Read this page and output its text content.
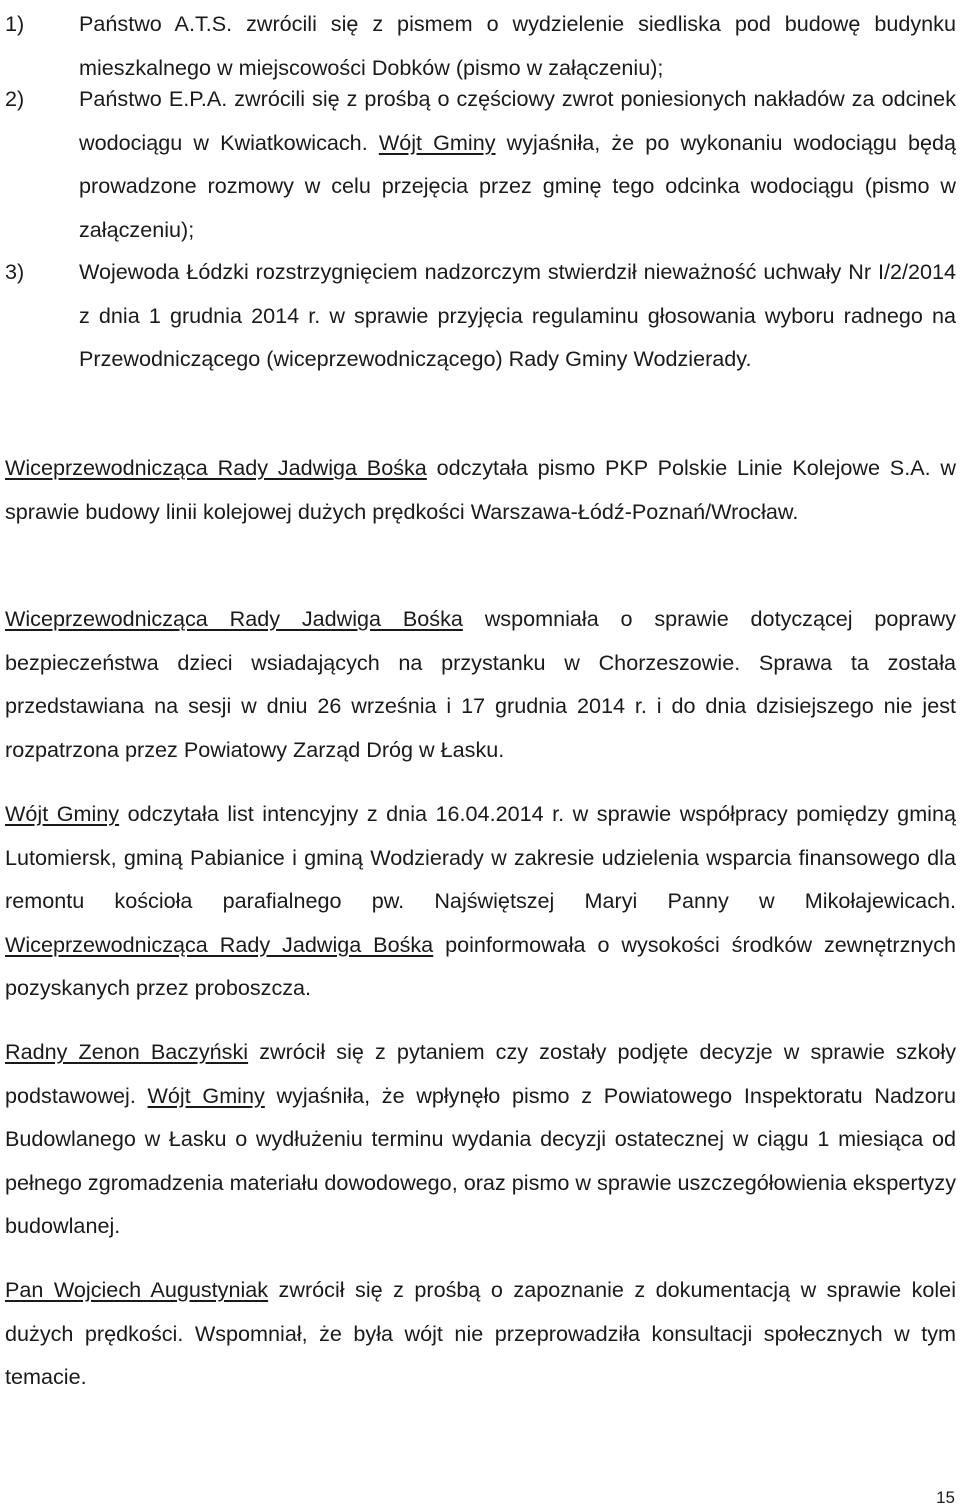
1)	Państwo A.T.S. zwrócili się z pismem o wydzielenie siedliska pod budowę budynku mieszkalnego w miejscowości Dobków (pismo w załączeniu);
2)	Państwo E.P.A. zwrócili się z prośbą o częściowy zwrot poniesionych nakładów za odcinek wodociągu w Kwiatkowicach. Wójt Gminy wyjaśniła, że po wykonaniu wodociągu będą prowadzone rozmowy w celu przejęcia przez gminę tego odcinka wodociągu (pismo w załączeniu);
3)	Wojewoda Łódzki rozstrzygnięciem nadzorczym stwierdził nieważność uchwały Nr I/2/2014 z dnia 1 grudnia 2014 r. w sprawie przyjęcia regulaminu głosowania wyboru radnego na Przewodniczącego (wiceprzewodniczącego) Rady Gminy Wodzierady.

Wiceprzewodnicząca Rady Jadwiga Bośka odczytała pismo PKP Polskie Linie Kolejowe S.A. w sprawie budowy linii kolejowej dużych prędkości Warszawa-Łódź-Poznań/Wrocław.

Wiceprzewodnicząca Rady Jadwiga Bośka wspomniała o sprawie dotyczącej poprawy bezpieczeństwa dzieci wsiadających na przystanku w Chorzeszowie. Sprawa ta została przedstawiana na sesji w dniu 26 września i 17 grudnia 2014 r. i do dnia dzisiejszego nie jest rozpatrzona przez Powiatowy Zarząd Dróg w Łasku.

Wójt Gminy odczytała list intencyjny z dnia 16.04.2014 r. w sprawie współpracy pomiędzy gminą Lutomiersk, gminą Pabianice i gminą Wodzierady w zakresie udzielenia wsparcia finansowego dla remontu kościoła parafialnego pw. Najświętszej Maryi Panny w Mikołajewicach. Wiceprzewodnicząca Rady Jadwiga Bośka poinformowała o wysokości środków zewnętrznych pozyskanych przez proboszcza.

Radny Zenon Baczyński zwrócił się z pytaniem czy zostały podjęte decyzje w sprawie szkoły podstawowej. Wójt Gminy wyjaśniła, że wpłynęło pismo z Powiatowego Inspektoratu Nadzoru Budowlanego w Łasku o wydłużeniu terminu wydania decyzji ostatecznej w ciągu 1 miesiąca od pełnego zgromadzenia materiału dowodowego, oraz pismo w sprawie uszczegółowienia ekspertyzy budowlanej.

Pan Wojciech Augustyniak zwrócił się z prośbą o zapoznanie z dokumentacją w sprawie kolei dużych prędkości. Wspomniał, że była wójt nie przeprowadziła konsultacji społecznych w tym temacie.

15
